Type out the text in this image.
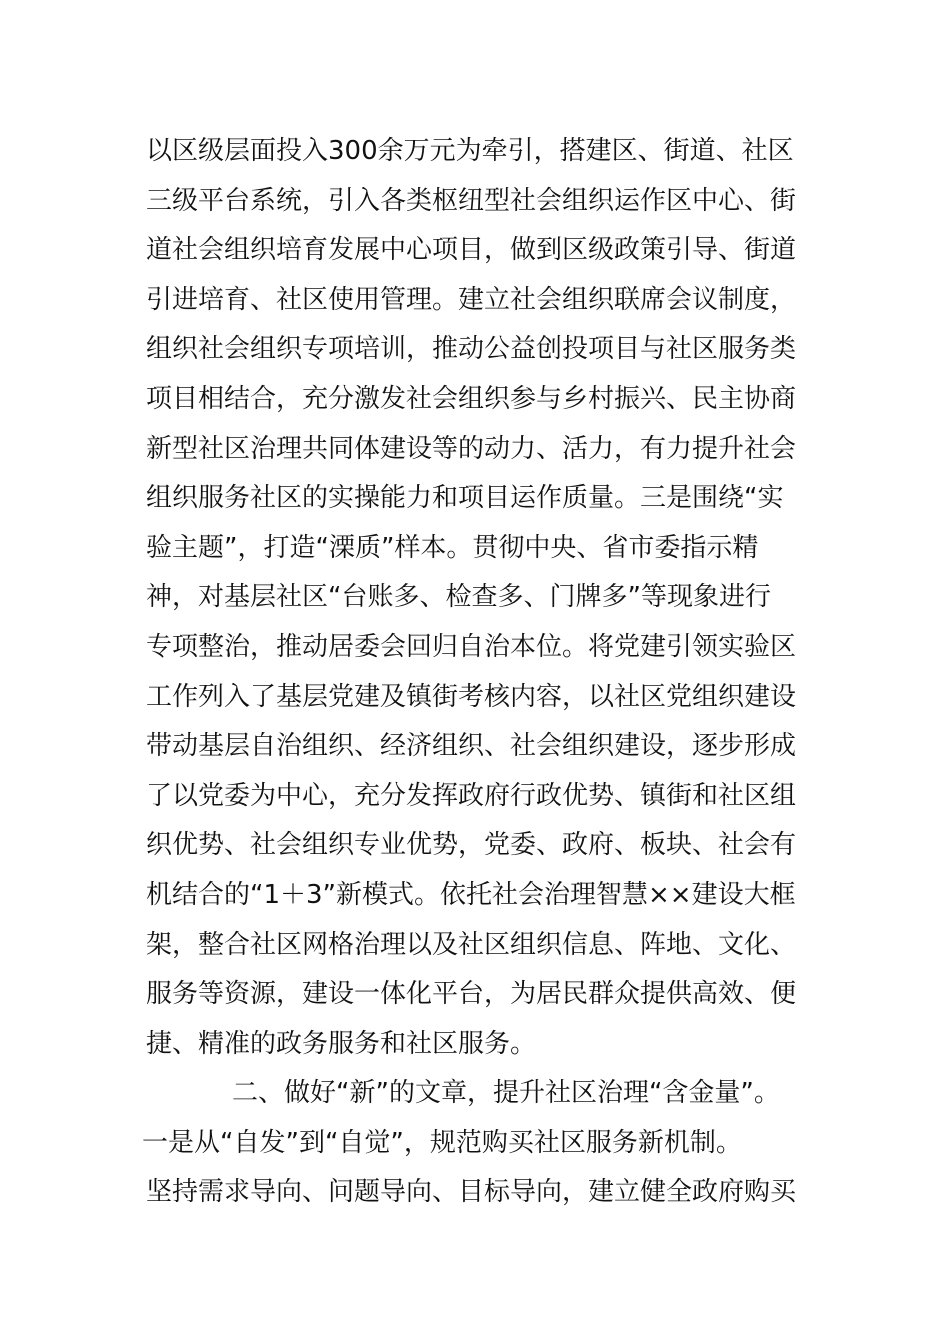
以区级层面投入300余万元为牵引，搭建区、街道、社区
三级平台系统，引入各类枢纽型社会组织运作区中心、街
道社会组织培育发展中心项目，做到区级政策引导、街道
引进培育、社区使用管理。建立社会组织联席会议制度，
组织社会组织专项培训，推动公益创投项目与社区服务类
项目相结合，充分激发社会组织参与乡村振兴、民主协商
新型社区治理共同体建设等的动力、活力，有力提升社会
组织服务社区的实操能力和项目运作质量。三是围绕“实
验主题”，打造“溧质”样本。贯彻中央、省市委指示精
神，对基层社区“台账多、检查多、门牌多”等现象进行
专项整治，推动居委会回归自治本位。将党建引领实验区
工作列入了基层党建及镇街考核内容，以社区党组织建设
带动基层自治组织、经济组织、社会组织建设，逐步形成
了以党委为中心，充分发挥政府行政优势、镇街和社区组
织优势、社会组织专业优势，党委、政府、板块、社会有
机结合的“1＋3”新模式。依托社会治理智慧××建设大框
架，整合社区网格治理以及社区组织信息、阵地、文化、
服务等资源，建设一体化平台，为居民群众提供高效、便
捷、精准的政务服务和社区服务。
二、做好“新”的文章，提升社区治理“含金量”。
一是从“自发”到“自觉”，规范购买社区服务新机制。
坚持需求导向、问题导向、目标导向，建立健全政府购买
